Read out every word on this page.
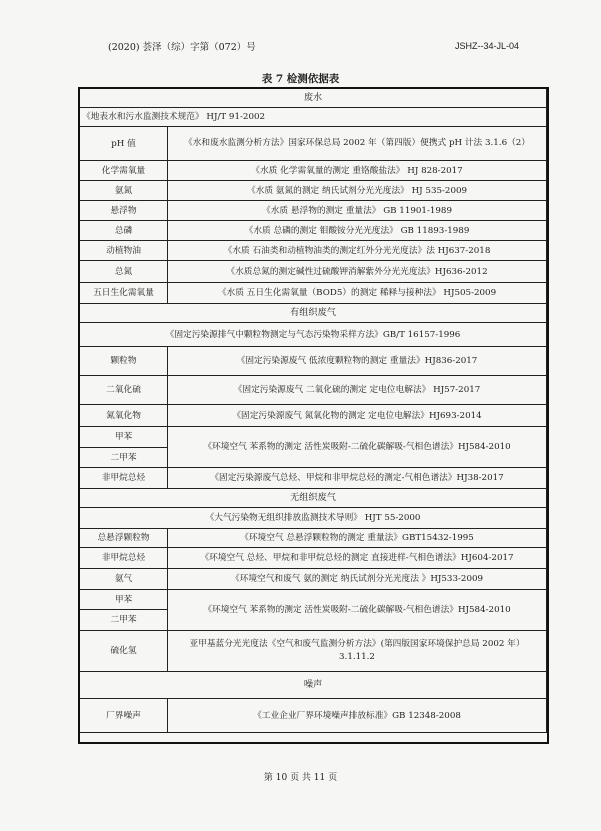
(2020) 荟泽（综）字第（072）号	JSHZ--34-JL-04
表 7 检测依据表
废水	
《地表水和污水监测技术规范》 HJ/T 91-2002	
pH 值	《水和废水监测分析方法》国家环保总局 2002 年（第四版）便携式 pH 计法 3.1.6（2）
化学需氧量	《水质 化学需氧量的测定 重铬酸盐法》 HJ 828-2017
氨氮	《水质 氨氮的测定 纳氏试剂分光光度法》 HJ 535-2009
悬浮物	《水质 悬浮物的测定 重量法》 GB 11901-1989
总磷	《水质 总磷的测定 钼酸铵分光光度法》 GB 11893-1989
动植物油	《水质 石油类和动植物油类的测定红外分光光度法》法 HJ637-2018
总氮	《水质总氮的测定碱性过硫酸钾消解紫外分光光度法》HJ636-2012
五日生化需氧量	《水质 五日生化需氧量（BOD5）的测定 稀释与接种法》 HJ505-2009
有组织废气	
《固定污染源排气中颗粒物测定与气态污染物采样方法》GB/T 16157-1996	
颗粒物	《固定污染源废气 低浓度颗粒物的测定 重量法》HJ836-2017
二氧化硫	《固定污染源废气 二氧化硫的测定 定电位电解法》 HJ57-2017
氮氧化物	《固定污染源废气 氮氧化物的测定 定电位电解法》HJ693-2014
甲苯	《环境空气 苯系物的测定 活性炭吸附-二硫化碳解吸-气相色谱法》HJ584-2010
二甲苯	
非甲烷总烃	《固定污染源废气总烃、甲烷和非甲烷总烃的测定-气相色谱法》HJ38-2017
无组织废气	
《大气污染物无组织排放监测技术导则》 HJT 55-2000	
总悬浮颗粒物	《环境空气 总悬浮颗粒物的测定 重量法》GBT15432-1995
非甲烷总烃	《环境空气 总烃、甲烷和非甲烷总烃的测定 直接进样-气相色谱法》HJ604-2017
氨气	《环境空气和废气 氨的测定 纳氏试剂分光光度法 》HJ533-2009
甲苯	《环境空气 苯系物的测定 活性炭吸附-二硫化碳解吸-气相色谱法》HJ584-2010
二甲苯	
硫化氢	亚甲基蓝分光光度法《空气和废气监测分析方法》(第四版国家环境保护总局 2002 年）3.1.11.2
噪声	
厂界噪声	《工业企业厂界环境噪声排放标准》GB 12348-2008
第 10 页 共 11 页
